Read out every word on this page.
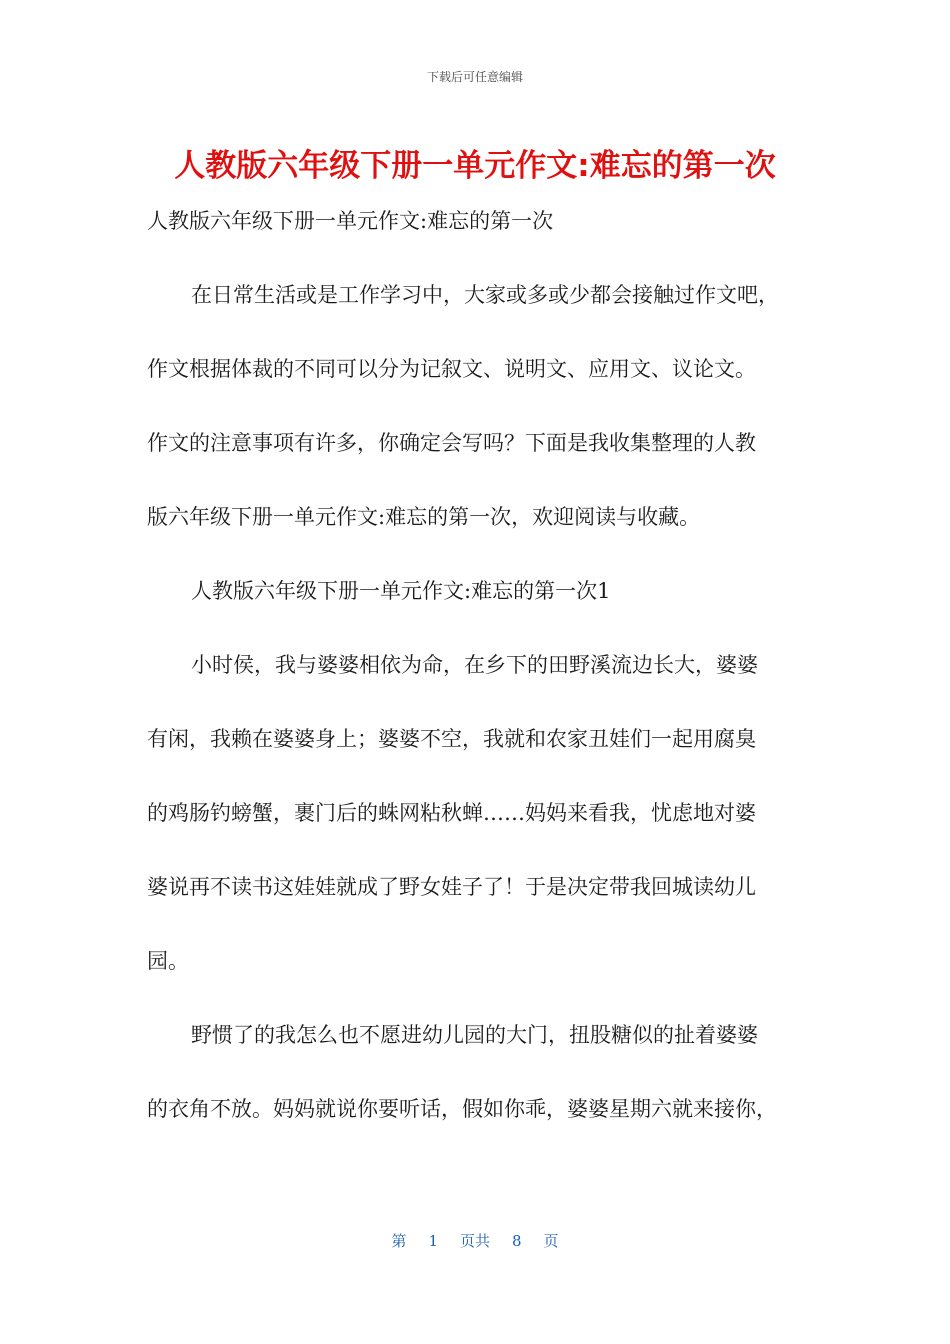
下载后可任意编辑
人教版六年级下册一单元作文:难忘的第一次
人教版六年级下册一单元作文:难忘的第一次
在日常生活或是工作学习中，大家或多或少都会接触过作文吧，
作文根据体裁的不同可以分为记叙文、说明文、应用文、议论文。
作文的注意事项有许多，你确定会写吗？下面是我收集整理的人教
版六年级下册一单元作文:难忘的第一次，欢迎阅读与收藏。
人教版六年级下册一单元作文:难忘的第一次1
小时侯，我与婆婆相依为命，在乡下的田野溪流边长大，婆婆
有闲，我赖在婆婆身上；婆婆不空，我就和农家丑娃们一起用腐臭
的鸡肠钓螃蟹，裹门后的蛛网粘秋蝉……妈妈来看我，忧虑地对婆
婆说再不读书这娃娃就成了野女娃子了！于是决定带我回城读幼儿
园。
野惯了的我怎么也不愿进幼儿园的大门，扭股糖似的扯着婆婆
的衣角不放。妈妈就说你要听话，假如你乖，婆婆星期六就来接你，
第 1 页共 8 页
